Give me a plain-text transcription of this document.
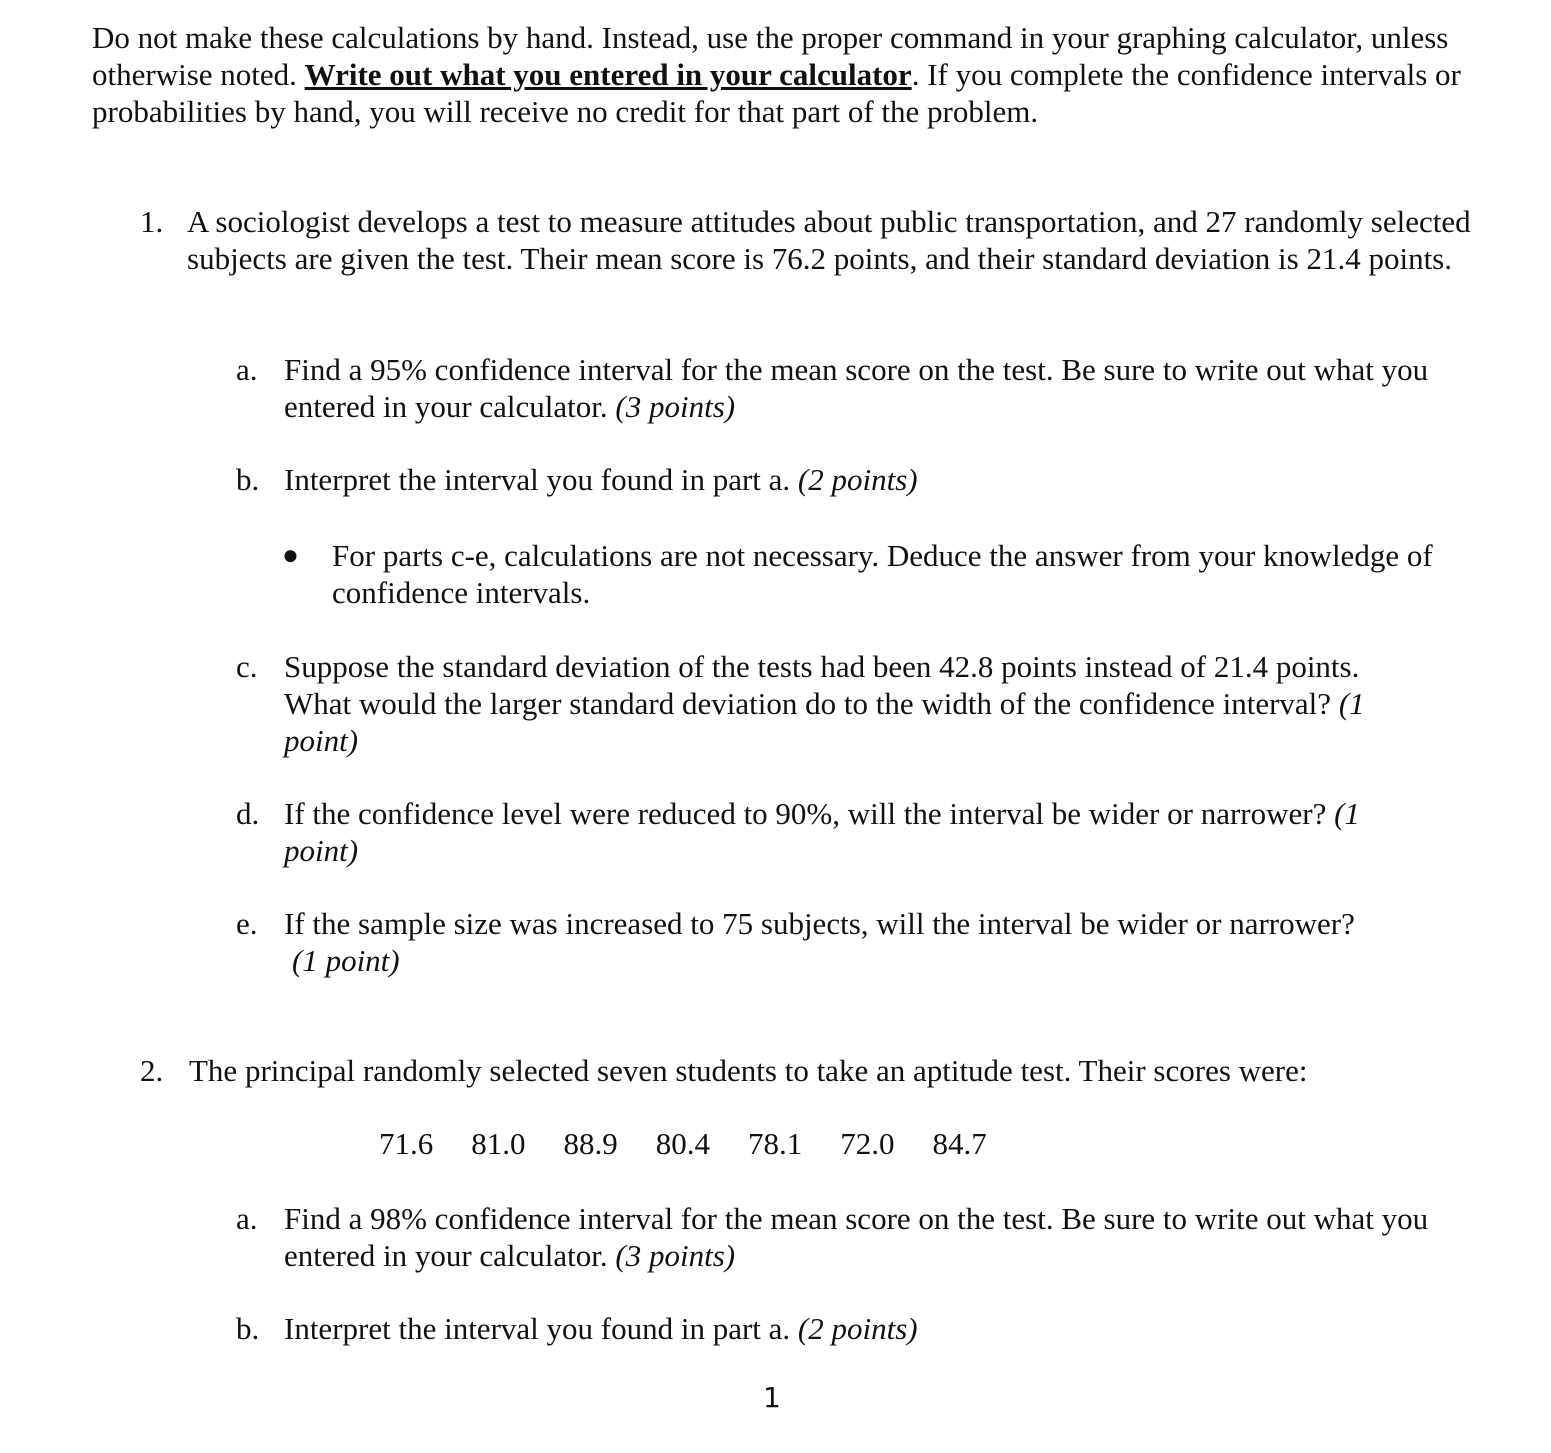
Do not make these calculations by hand. Instead, use the proper command in your graphing calculator, unless otherwise noted. Write out what you entered in your calculator. If you complete the confidence intervals or probabilities by hand, you will receive no credit for that part of the problem.

1. A sociologist develops a test to measure attitudes about public transportation, and 27 randomly selected subjects are given the test. Their mean score is 76.2 points, and their standard deviation is 21.4 points.

a. Find a 95% confidence interval for the mean score on the test. Be sure to write out what you entered in your calculator. (3 points)

b. Interpret the interval you found in part a. (2 points)

● For parts c-e, calculations are not necessary. Deduce the answer from your knowledge of confidence intervals.

c. Suppose the standard deviation of the tests had been 42.8 points instead of 21.4 points. What would the larger standard deviation do to the width of the confidence interval? (1 point)

d. If the confidence level were reduced to 90%, will the interval be wider or narrower? (1 point)

e. If the sample size was increased to 75 subjects, will the interval be wider or narrower?
(1 point)

2. The principal randomly selected seven students to take an aptitude test. Their scores were:

71.6 81.0 88.9 80.4 78.1 72.0 84.7

a. Find a 98% confidence interval for the mean score on the test. Be sure to write out what you entered in your calculator. (3 points)

b. Interpret the interval you found in part a. (2 points)

1
